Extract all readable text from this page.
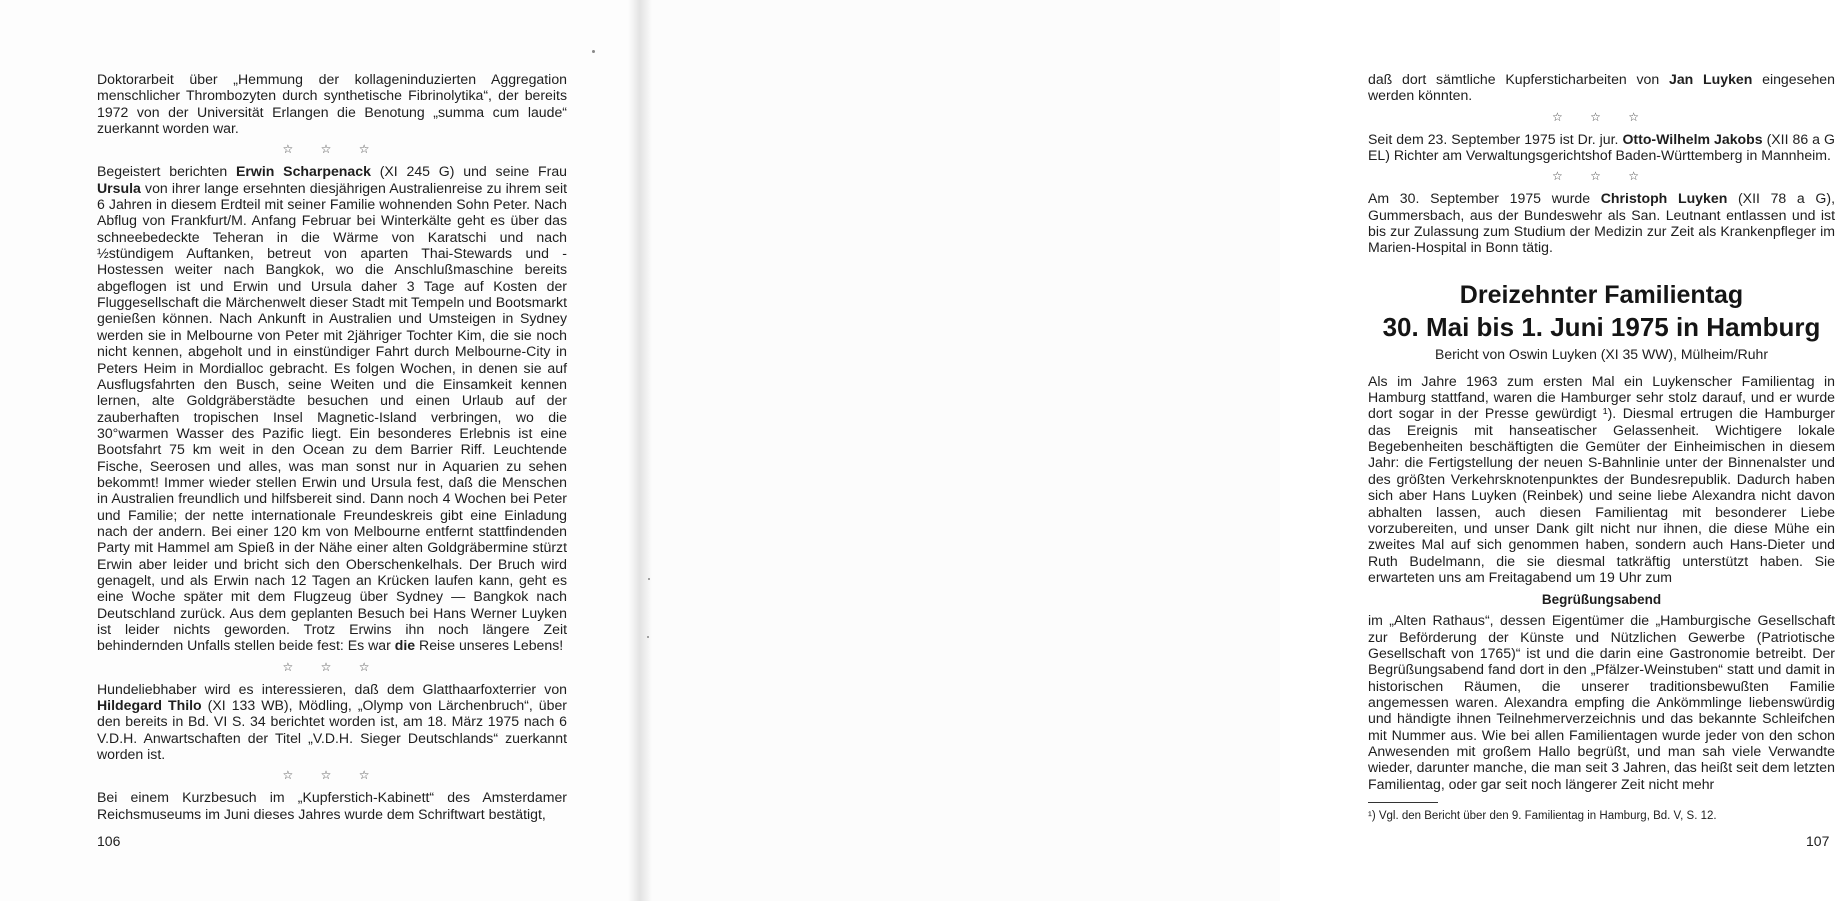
Doktorarbeit über „Hemmung der kollageninduzierten Aggregation menschlicher Thrombozyten durch synthetische Fibrinolytika“, der bereits 1972 von der Universität Erlangen die Benotung „summa cum laude“ zuerkannt worden war.

☆ ☆ ☆

Begeistert berichten Erwin Scharpenack (XI 245 G) und seine Frau Ursula von ihrer lange ersehnten diesjährigen Australienreise zu ihrem seit 6 Jahren in diesem Erdteil mit seiner Familie wohnenden Sohn Peter. Nach Abflug von Frankfurt/M. Anfang Februar bei Winterkälte geht es über das schneebedeckte Teheran in die Wärme von Karatschi und nach ½stündigem Auftanken, betreut von aparten Thai-Stewards und -Hostessen weiter nach Bangkok, wo die Anschlußmaschine bereits abgeflogen ist und Erwin und Ursula daher 3 Tage auf Kosten der Fluggesellschaft die Märchenwelt dieser Stadt mit Tempeln und Bootsmarkt genießen können. Nach Ankunft in Australien und Umsteigen in Sydney werden sie in Melbourne von Peter mit 2jähriger Tochter Kim, die sie noch nicht kennen, abgeholt und in einstündiger Fahrt durch Melbourne-City in Peters Heim in Mordialloc gebracht. Es folgen Wochen, in denen sie auf Ausflugsfahrten den Busch, seine Weiten und die Einsamkeit kennen lernen, alte Goldgräberstädte besuchen und einen Urlaub auf der zauberhaften tropischen Insel Magnetic-Island verbringen, wo die 30°warmen Wasser des Pazific liegt. Ein besonderes Erlebnis ist eine Bootsfahrt 75 km weit in den Ocean zu dem Barrier Riff. Leuchtende Fische, Seerosen und alles, was man sonst nur in Aquarien zu sehen bekommt! Immer wieder stellen Erwin und Ursula fest, daß die Menschen in Australien freundlich und hilfsbereit sind. Dann noch 4 Wochen bei Peter und Familie; der nette internationale Freundeskreis gibt eine Einladung nach der andern. Bei einer 120 km von Melbourne entfernt stattfindenden Party mit Hammel am Spieß in der Nähe einer alten Goldgräbermine stürzt Erwin aber leider und bricht sich den Oberschenkelhals. Der Bruch wird genagelt, und als Erwin nach 12 Tagen an Krücken laufen kann, geht es eine Woche später mit dem Flugzeug über Sydney — Bangkok nach Deutschland zurück. Aus dem geplanten Besuch bei Hans Werner Luyken ist leider nichts geworden. Trotz Erwins ihn noch längere Zeit behindernden Unfalls stellen beide fest: Es war die Reise unseres Lebens!

☆ ☆ ☆

Hundeliebhaber wird es interessieren, daß dem Glatthaarfoxterrier von Hildegard Thilo (XI 133 WB), Mödling, „Olymp von Lärchenbruch“, über den bereits in Bd. VI S. 34 berichtet worden ist, am 18. März 1975 nach 6 V.D.H. Anwartschaften der Titel „V.D.H. Sieger Deutschlands“ zuerkannt worden ist.

☆ ☆ ☆

Bei einem Kurzbesuch im „Kupferstich-Kabinett“ des Amsterdamer Reichsmuseums im Juni dieses Jahres wurde dem Schriftwart bestätigt,

106

daß dort sämtliche Kupfersticharbeiten von Jan Luyken eingesehen werden könnten.

☆ ☆ ☆

Seit dem 23. September 1975 ist Dr. jur. Otto-Wilhelm Jakobs (XII 86 a G EL) Richter am Verwaltungsgerichtshof Baden-Württemberg in Mannheim.

☆ ☆ ☆

Am 30. September 1975 wurde Christoph Luyken (XII 78 a G), Gummersbach, aus der Bundeswehr als San. Leutnant entlassen und ist bis zur Zulassung zum Studium der Medizin zur Zeit als Krankenpfleger im Marien-Hospital in Bonn tätig.

Dreizehnter Familientag
30. Mai bis 1. Juni 1975 in Hamburg
Bericht von Oswin Luyken (XI 35 WW), Mülheim/Ruhr

Als im Jahre 1963 zum ersten Mal ein Luykenscher Familientag in Hamburg stattfand, waren die Hamburger sehr stolz darauf, und er wurde dort sogar in der Presse gewürdigt ¹). Diesmal ertrugen die Hamburger das Ereignis mit hanseatischer Gelassenheit. Wichtigere lokale Begebenheiten beschäftigten die Gemüter der Einheimischen in diesem Jahr: die Fertigstellung der neuen S-Bahnlinie unter der Binnenalster und des größten Verkehrsknotenpunktes der Bundesrepublik. Dadurch haben sich aber Hans Luyken (Reinbek) und seine liebe Alexandra nicht davon abhalten lassen, auch diesen Familientag mit besonderer Liebe vorzubereiten, und unser Dank gilt nicht nur ihnen, die diese Mühe ein zweites Mal auf sich genommen haben, sondern auch Hans-Dieter und Ruth Budelmann, die sie diesmal tatkräftig unterstützt haben. Sie erwarteten uns am Freitagabend um 19 Uhr zum

Begrüßungsabend

im „Alten Rathaus“, dessen Eigentümer die „Hamburgische Gesellschaft zur Beförderung der Künste und Nützlichen Gewerbe (Patriotische Gesellschaft von 1765)“ ist und die darin eine Gastronomie betreibt. Der Begrüßungsabend fand dort in den „Pfälzer-Weinstuben“ statt und damit in historischen Räumen, die unserer traditionsbewußten Familie angemessen waren. Alexandra empfing die Ankömmlinge liebenswürdig und händigte ihnen Teilnehmerverzeichnis und das bekannte Schleifchen mit Nummer aus. Wie bei allen Familientagen wurde jeder von den schon Anwesenden mit großem Hallo begrüßt, und man sah viele Verwandte wieder, darunter manche, die man seit 3 Jahren, das heißt seit dem letzten Familientag, oder gar seit noch längerer Zeit nicht mehr

¹) Vgl. den Bericht über den 9. Familientag in Hamburg, Bd. V, S. 12.
107
